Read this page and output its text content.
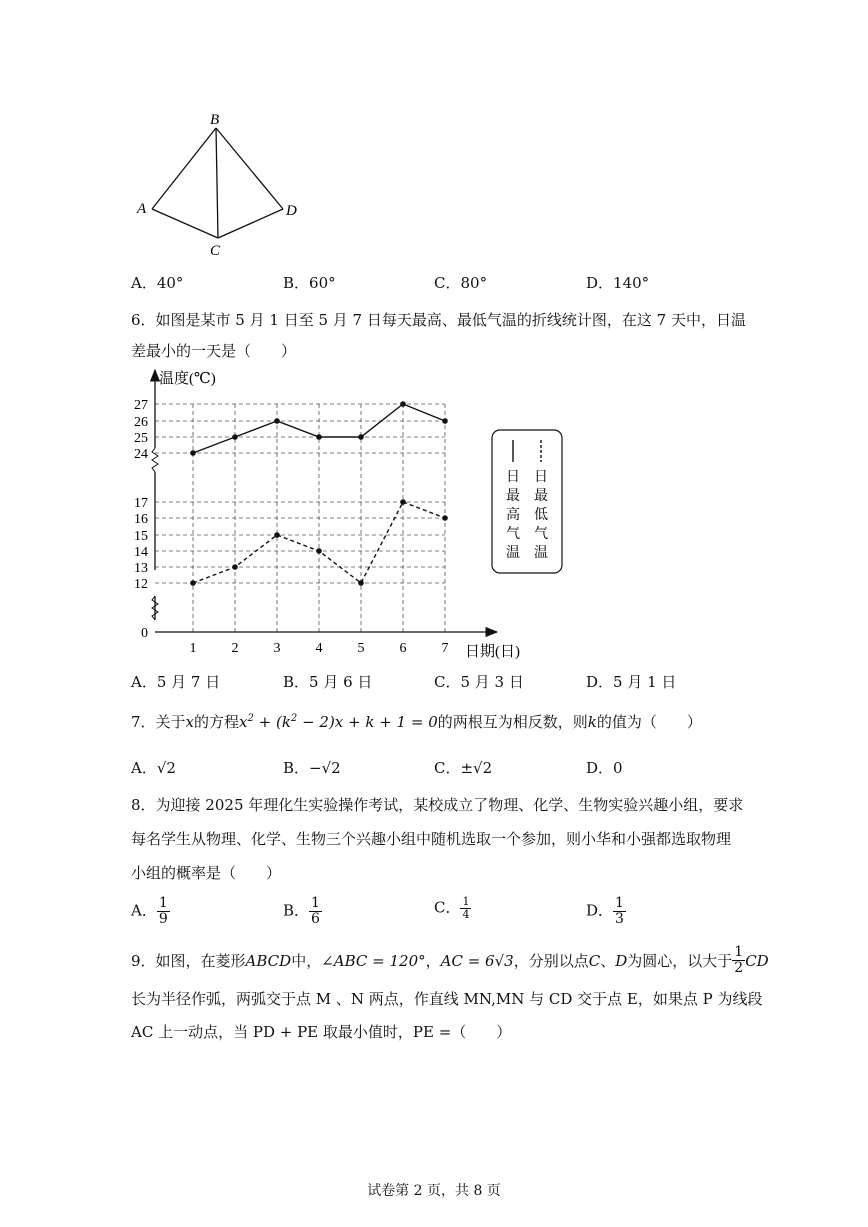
B
A
C
D
A．40°	B．60°	C．80°	D．140°
6．如图是某市 5 月 1 日至 5 月 7 日每天最高、最低气温的折线统计图，在这 7 天中，日温
差最小的一天是（　　）
0
12
13
14
15
16
17
24
25
26
27
1	2	3	4	5	6	7
温度(℃)
日期(日)
日
最
高
气
温
日
最
低
气
温
A．5 月 7 日	B．5 月 6 日	C．5 月 3 日	D．5 月 1 日
7．关于x的方程$x^2 + (k^2 - 2)x + k + 1 = 0$的两根互为相反数，则k的值为（　　）
A．√2	B．−√2	C．±√2	D．0
8．为迎接 2025 年理化生实验操作考试，某校成立了物理、化学、生物实验兴趣小组，要求
每名学生从物理、化学、生物三个兴趣小组中随机选取一个参加，则小华和小强都选取物理
小组的概率是（　　）
A． $\frac{1}{9}$	B． $\frac{1}{6}$	C． $\frac{1}{4}$	D． $\frac{1}{3}$
9．如图，在菱形 ABCD 中， ∠ABC = 120° ， AC = 6√3 ，分别以点 C 、 D 为圆心，以大于 $\frac{1}{2}$ CD
长为半径作弧，两弧交于点 M 、N 两点，作直线 MN,MN 与 CD 交于点 E，如果点 P 为线段
AC 上一动点，当 PD + PE 取最小值时，PE =（　　）
试卷第 2 页，共 8 页
